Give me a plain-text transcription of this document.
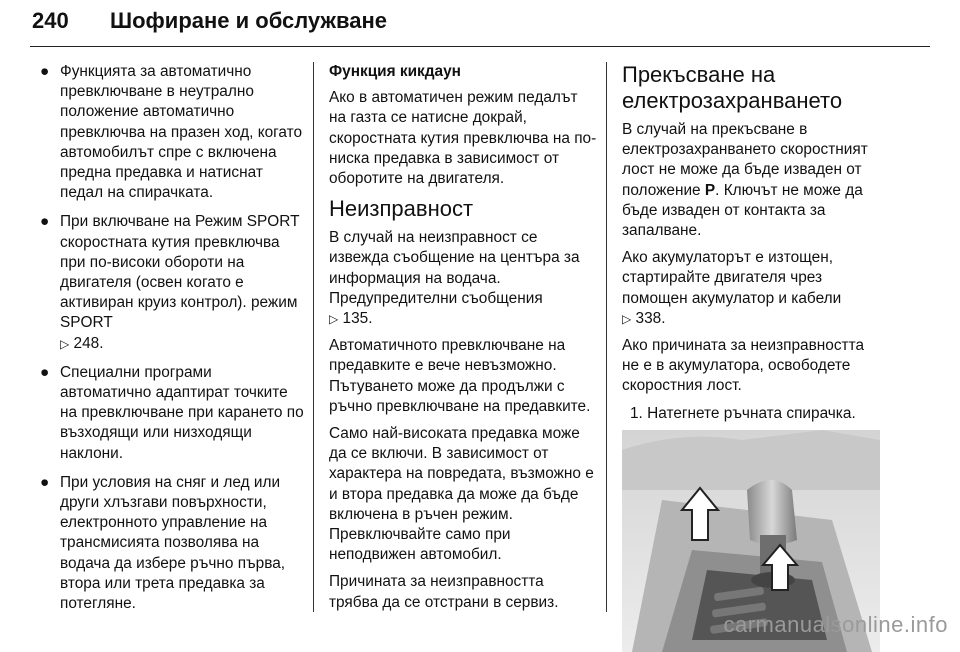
240 Шофиране и обслужване
● Функцията за автоматично превключване в неутрално положение автоматично превключва на празен ход, когато автомобилът спре с включена предна предавка и натиснат педал на спирачката.
● При включване на Режим SPORT скоростната кутия превключва при по-високи обороти на двигателя (освен когато е активиран круиз контрол). режим SPORT
▷ 248.
● Специални програми автоматично адаптират точките на превключване при карането по възходящи или низходящи наклони.
● При условия на сняг и лед или други хлъзгави повърхности, електронното управление на трансмисията позволява на водача да избере ръчно първа, втора или трета предавка за потегляне.
Функция кикдаун

Ако в автоматичен режим педалът на газта се натисне докрай, скоростната кутия превключва на по-ниска предавка в зависимост от оборотите на двигателя.

Неизправност

В случай на неизправност се извежда съобщение на центъра за информация на водача. Предупредителни съобщения
▷ 135.

Автоматичното превключване на предавките е вече невъзможно. Пътуването може да продължи с ръчно превключване на предавките.

Само най-високата предавка може да се включи. В зависимост от характера на повредата, възможно е и втора предавка да може да бъде включена в ръчен режим. Превключвайте само при неподвижен автомобил.

Причината за неизправността трябва да се отстрани в сервиз.

Прекъсване на електрозахранването

В случай на прекъсване в електрозахранването скоростният лост не може да бъде изваден от положение P. Ключът не може да бъде изваден от контакта за запалване.

Ако акумулаторът е изтощен, стартирайте двигателя чрез помощен акумулатор и кабели
▷ 338.

Ако причината за неизправността не е в акумулатора, освободете скоростния лост.

1. Натегнете ръчната спирачка.
carmanualsonline.info
